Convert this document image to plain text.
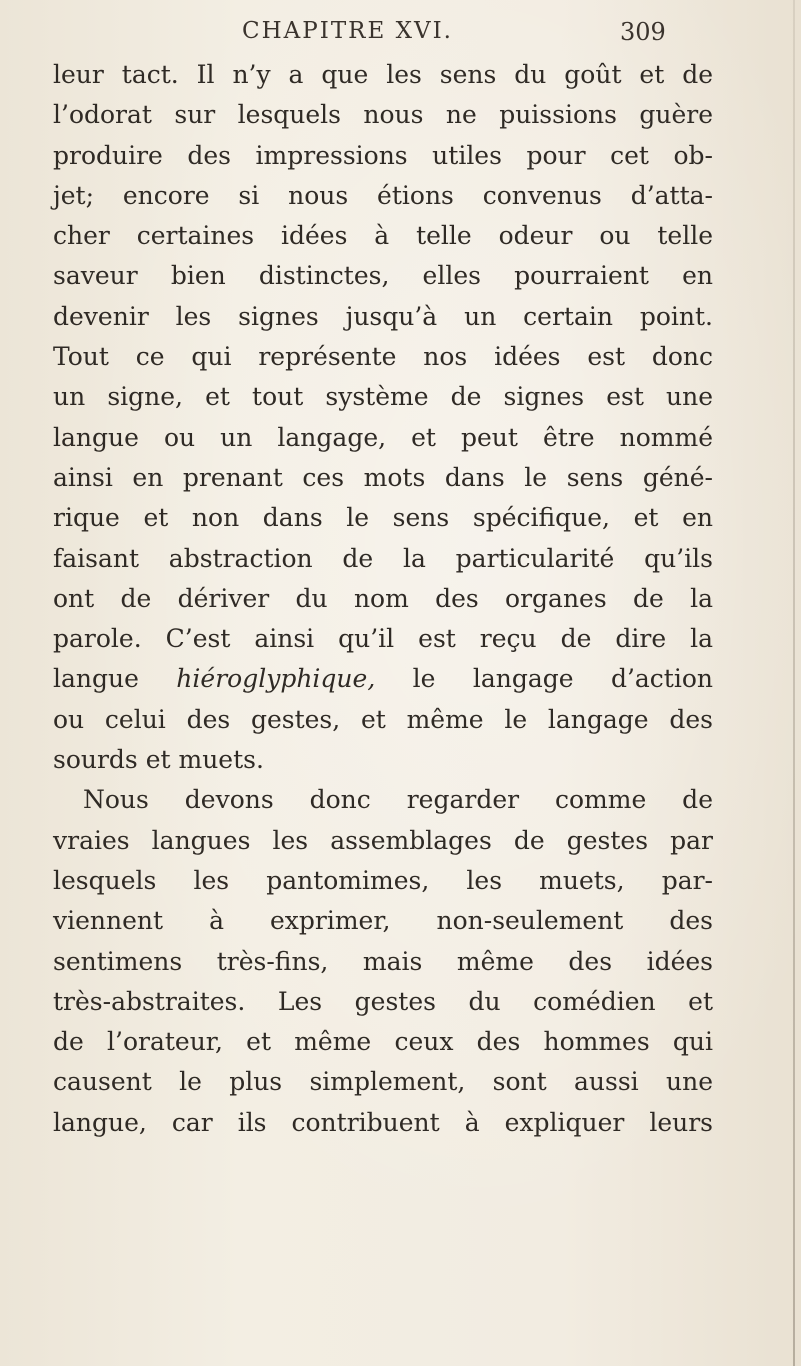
CHAPITRE XVI.	309
leur tact. Il n’y a que les sens du goût et de
l’odorat sur lesquels nous ne puissions guère
produire des impressions utiles pour cet ob-
jet; encore si nous étions convenus d’atta-
cher certaines idées à telle odeur ou telle
saveur bien distinctes, elles pourraient en
devenir les signes jusqu’à un certain point.
Tout ce qui représente nos idées est donc
un signe, et tout système de signes est une
langue ou un langage, et peut être nommé
ainsi en prenant ces mots dans le sens géné-
rique et non dans le sens spécifique, et en
faisant abstraction de la particularité qu’ils
ont de dériver du nom des organes de la
parole. C’est ainsi qu’il est reçu de dire la
langue hiéroglyphique, le langage d’action
ou celui des gestes, et même le langage des
sourds et muets.
Nous devons donc regarder comme de
vraies langues les assemblages de gestes par
lesquels les pantomimes, les muets, par-
viennent à exprimer, non-seulement des
sentimens très-fins, mais même des idées
très-abstraites. Les gestes du comédien et
de l’orateur, et même ceux des hommes qui
causent le plus simplement, sont aussi une
langue, car ils contribuent à expliquer leurs
